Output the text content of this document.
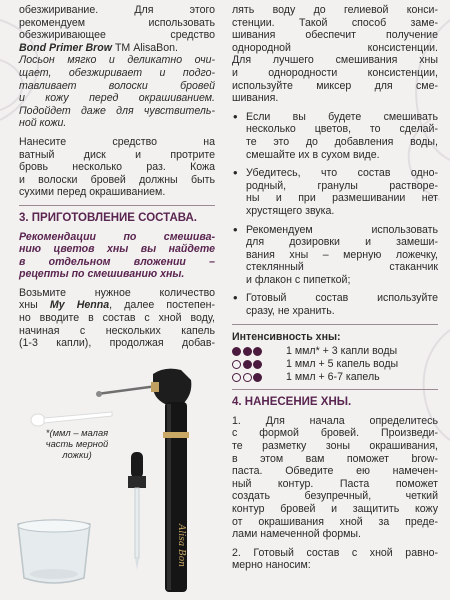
обезжиривание. Для этого
рекомендуем использовать
обезжиривающее средство
Bond Primer Brow ТМ AlisaBon.
Лосьон мягко и деликатно очи-
щает, обезжиривает и подго-
тавливает волоски бровей
и кожу перед окрашиванием.
Подойдет даже для чувствитель-
ной кожи.
Нанесите средство на
ватный диск и протрите
бровь несколько раз. Кожа
и волоски бровей должны быть
сухими перед окрашиванием.
3. ПРИГОТОВЛЕНИЕ СОСТАВА.
Рекомендации по смешива-
нию цветов хны вы найдете
в отдельном вложении –
рецепты по смешиванию хны.
Возьмите нужное количество
хны My Henna, далее постепен-
но вводите в состав с хной воду,
начиная с нескольких капель
(1-3 капли), продолжая добав-
Alisa Bon
*(ммл – малая часть мерной ложки)
лять воду до гелиевой конси-
стенции. Такой способ заме-
шивания обеспечит получение
однородной консистенции.
Для лучшего смешивания хны
и однородности консистенции,
используйте миксер для сме-
шивания.
• Если вы будете смешивать
несколько цветов, то сделай-
те это до добавления воды,
смешайте их в сухом виде.
• Убедитесь, что состав одно-
родный, гранулы растворе-
ны и при размешивании нет
хрустящего звука.
• Рекомендуем использовать
для дозировки и замеши-
вания хны – мерную ложечку,
стеклянный стаканчик
и флакон с пипеткой;
• Готовый состав используйте
сразу, не хранить.
Интенсивность хны:
1 ммл* + 3 капли воды
1 ммл + 5 капель воды
1 ммл + 6-7 капель
4. НАНЕСЕНИЕ ХНЫ.
1. Для начала определитесь
с формой бровей. Произведи-
те разметку зоны окрашивания,
в этом вам поможет brow-
паста. Обведите ею намечен-
ный контур. Паста поможет
создать безупречный, четкий
контур бровей и защитить кожу
от окрашивания хной за преде-
лами намеченной формы.
2. Готовый состав с хной равно-
мерно наносим:
